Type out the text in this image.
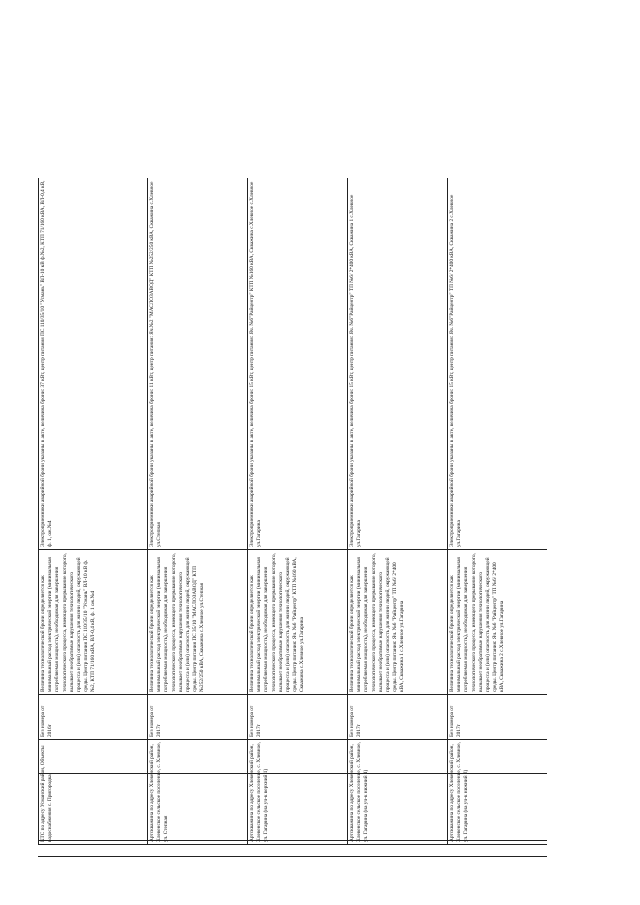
КТС по адресу Усманский район, Объекты водоснабжения с. Пригородка,	Без номера от 2016г	Величина технологической брони определяется как минимальный расход электрической энергии (минимальная потребляемая мощность), необходимая для завершения технологического процесса, имеющего прерывание которого, вызывает необратимые нарушения технологического процесса и (или) опасность для жизни людей, окружающей среды. Центр питания ПС 110/35/10 "Усмань" ВЛ-10 кВ ф.№2, КТП 71/160 кВА, ВЛ-0,4 кВ, ф. 1 ож.№4	Электроприемники аварийной брони указаны в акте, величина брони: 37 кВт, центр питания ПС 110/35/10 "Усмань" ВЛ-10 кВ ф.№2, КТП 71/160 кВА, ВЛ-0,4 кВ, ф. 1, ож.№4
Артскважина по адресу Хлевенский район, Хлевенское сельское поселение, с. Хлевное, ул. Степная	Без номера от 2017г	Величина технологической брони определяется как минимальный расход электрической энергии (минимальная потребляемая мощность), необходимая для завершения технологического процесса, имеющего прерывание которого, вызывает необратимые нарушения технологического процесса и (или) опасность для жизни людей, окружающей среды. Центр питания ПС 35/10 "МАСЛОЗАВОД" КТП №252/250 кВА, Скважина с.Хлевное ул.Степная	Электроприемники аварийной брони указаны в акте, величина брони: 11 кВт, центр питания: Яч.№2 "МАСЛОЗАВОД" КТП №252/250 кВА, Скважина с.Хлевное ул.Степная
Артскважина по адресу Хлевенский район, Хлевенское сельское поселение, с. Хлевное, ул. Гагарина (на уч-к верхний 1)	Без номера от 2017г	Величина технологической брони определяется как минимальный расход электрической энергии (минимальная потребляемая мощность), необходимая для завершения технологического процесса, имеющего прерывание которого, вызывает необратимые нарушения технологического процесса и (или) опасность для жизни людей, окружающей среды. Центр питания: Яч. №6 "Райцентр" КТП №160 кВА, Скважина с.Хлевное ул.Гагарина	Электроприемники аварийной брони указаны в акте, величина брони: 15 кВт, центр питания: Яч. №6"Райцентр" КТП №160 кВА, Скважина с.Хлевное с.Хлевное ул.Гагарина
Артскважина по адресу Хлевенский район, Хлевенское сельское поселение, с. Хлевное, ул. Гагарина (на уч-к нижний 1)	Без номера от 2017г	Величина технологической брони определяется как минимальный расход электрической энергии (минимальная потребляемая мощность), необходимая для завершения технологического процесса, имеющего прерывание которого, вызывает необратимые нарушения технологического процесса и (или) опасность для жизни людей, окружающей среды. Центр питания: Яч. №6 "Райцентр" ТП №6/ 2*400 кВА, Скважина 1 с.Хлевное ул.Гагарина	Электроприемники аварийной брони указаны в акте, величина брони: 15 кВт, центр питания: Яч. №6"Райцентр" ТП №6/ 2*400 кВА, Скважина 1 с.Хлевное ул.Гагарина
Артскважина по адресу Хлевенский район, Хлевенское сельское поселение, с. Хлевное, ул. Гагарина (на уч-к нижний 2)	Без номера от 2017г	Величина технологической брони определяется как минимальный расход электрической энергии (минимальная потребляемая мощность), необходимая для завершения технологического процесса, имеющего прерывание которого, вызывает необратимые нарушения технологического процесса и (или) опасность для жизни людей, окружающей среды. Центр питания: Яч. №6 "Райцентр" ТП №6/ 2*400 кВА, Скважина 2 с.Хлевное ул.Гагарина	Электроприемники аварийной брони указаны в акте, величина брони: 15 кВт, центр питания: Яч. №6"Райцентр" ТП №6/ 2*400 кВА, Скважина 2 с.Хлевное ул.Гагарина
